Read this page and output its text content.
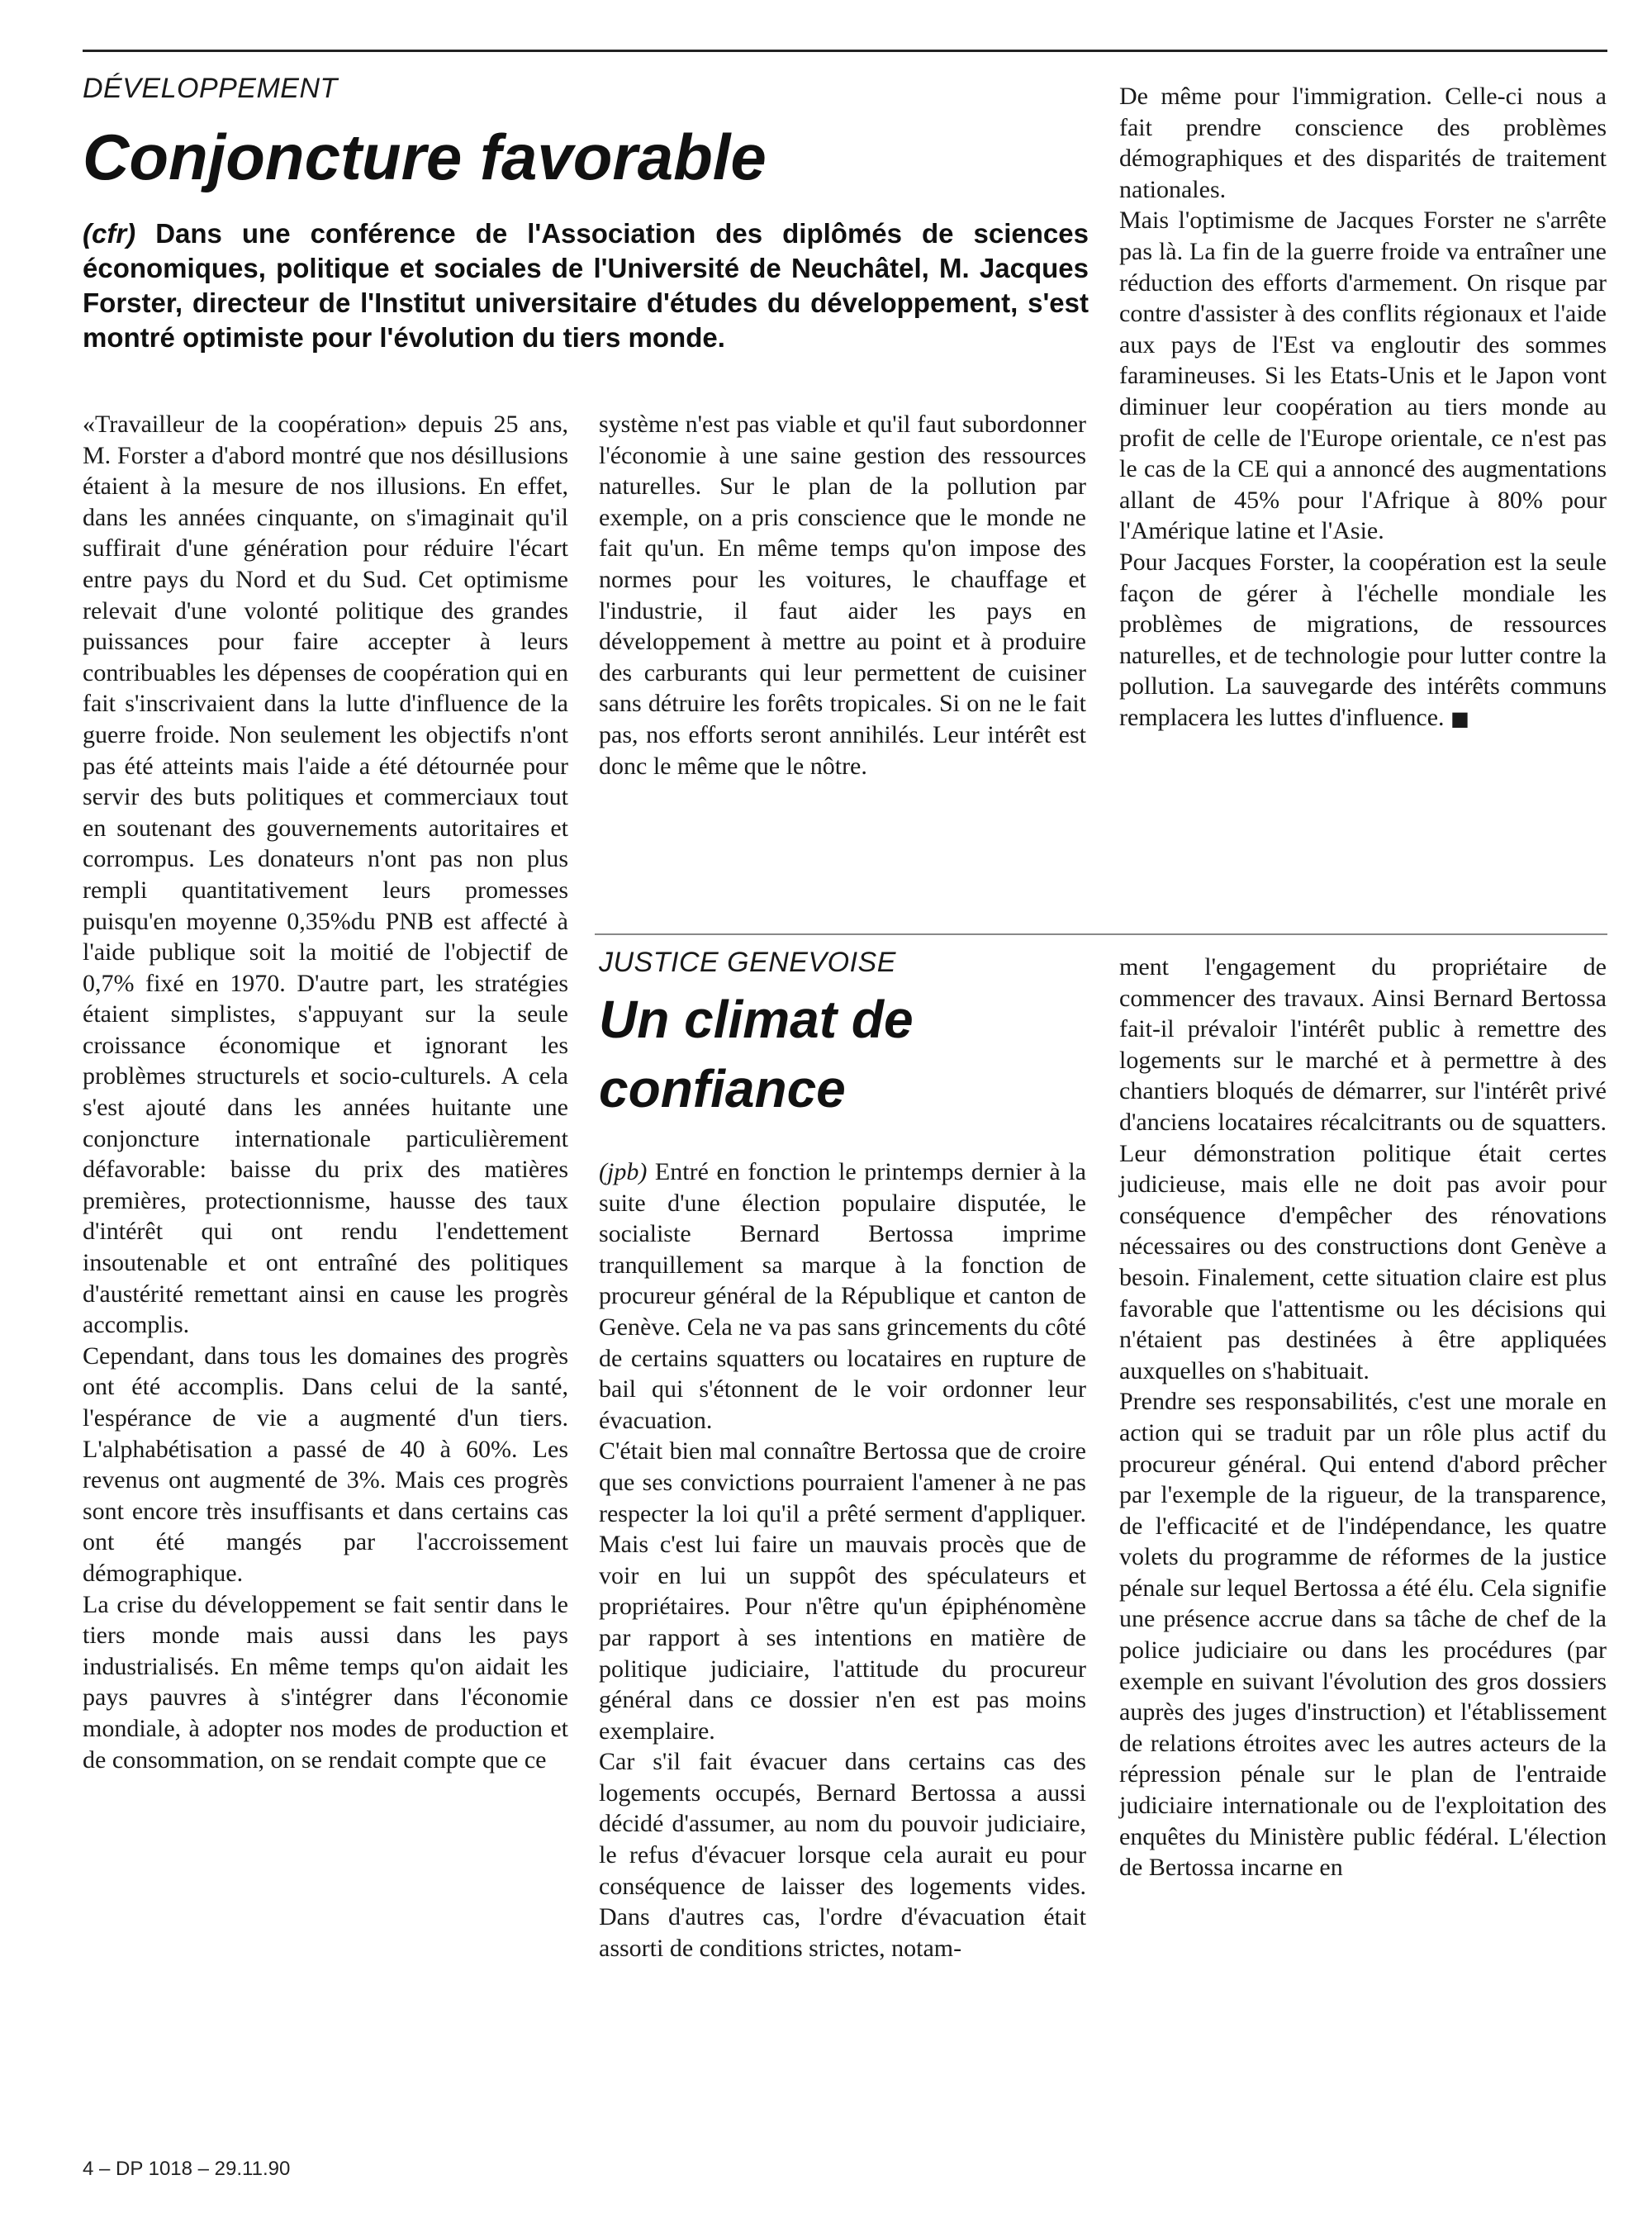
DÉVELOPPEMENT
Conjoncture favorable
(cfr) Dans une conférence de l'Association des diplômés de sciences économiques, politique et sociales de l'Université de Neuchâtel, M. Jacques Forster, directeur de l'Institut universitaire d'études du développement, s'est montré optimiste pour l'évolution du tiers monde.

«Travailleur de la coopération» depuis 25 ans, M. Forster a d'abord montré que nos désillusions étaient à la mesure de nos illusions. En effet, dans les années cinquante, on s'imaginait qu'il suffirait d'une génération pour réduire l'écart entre pays du Nord et du Sud. Cet optimisme relevait d'une volonté politique des grandes puissances pour faire accepter à leurs contribuables les dépenses de coopération qui en fait s'inscrivaient dans la lutte d'influence de la guerre froide. Non seulement les objectifs n'ont pas été atteints mais l'aide a été détournée pour servir des buts politiques et commerciaux tout en soutenant des gouvernements autoritaires et corrompus. Les donateurs n'ont pas non plus rempli quantitativement leurs promesses puisqu'en moyenne 0,35%du PNB est affecté à l'aide publique soit la moitié de l'objectif de 0,7% fixé en 1970. D'autre part, les stratégies étaient simplistes, s'appuyant sur la seule croissance économique et ignorant les problèmes structurels et socio-culturels. A cela s'est ajouté dans les années huitante une conjoncture internationale particulièrement défavorable: baisse du prix des matières premières, protectionnisme, hausse des taux d'intérêt qui ont rendu l'endettement insoutenable et ont entraîné des politiques d'austérité remettant ainsi en cause les progrès accomplis.

Cependant, dans tous les domaines des progrès ont été accomplis. Dans celui de la santé, l'espérance de vie a augmenté d'un tiers. L'alphabétisation a passé de 40 à 60%. Les revenus ont augmenté de 3%. Mais ces progrès sont encore très insuffisants et dans certains cas ont été mangés par l'accroissement démographique.

La crise du développement se fait sentir dans le tiers monde mais aussi dans les pays industrialisés. En même temps qu'on aidait les pays pauvres à s'intégrer dans l'économie mondiale, à adopter nos modes de production et de consommation, on se rendait compte que ce

système n'est pas viable et qu'il faut subordonner l'économie à une saine gestion des ressources naturelles. Sur le plan de la pollution par exemple, on a pris conscience que le monde ne fait qu'un. En même temps qu'on impose des normes pour les voitures, le chauffage et l'industrie, il faut aider les pays en développement à mettre au point et à produire des carburants qui leur permettent de cuisiner sans détruire les forêts tropicales. Si on ne le fait pas, nos efforts seront annihilés. Leur intérêt est donc le même que le nôtre.

De même pour l'immigration. Celle-ci nous a fait prendre conscience des problèmes démographiques et des disparités de traitement nationales.

Mais l'optimisme de Jacques Forster ne s'arrête pas là. La fin de la guerre froide va entraîner une réduction des efforts d'armement. On risque par contre d'assister à des conflits régionaux et l'aide aux pays de l'Est va engloutir des sommes faramineuses. Si les Etats-Unis et le Japon vont diminuer leur coopération au tiers monde au profit de celle de l'Europe orientale, ce n'est pas le cas de la CE qui a annoncé des augmentations allant de 45% pour l'Afrique à 80% pour l'Amérique latine et l'Asie.

Pour Jacques Forster, la coopération est la seule façon de gérer à l'échelle mondiale les problèmes de migrations, de ressources naturelles, et de technologie pour lutter contre la pollution. La sauvegarde des intérêts communs remplacera les luttes d'influence. ■

JUSTICE GENEVOISE
Un climat de
confiance

(jpb) Entré en fonction le printemps dernier à la suite d'une élection populaire disputée, le socialiste Bernard Bertossa imprime tranquillement sa marque à la fonction de procureur général de la République et canton de Genève. Cela ne va pas sans grincements du côté de certains squatters ou locataires en rupture de bail qui s'étonnent de le voir ordonner leur évacuation.

C'était bien mal connaître Bertossa que de croire que ses convictions pourraient l'amener à ne pas respecter la loi qu'il a prêté serment d'appliquer. Mais c'est lui faire un mauvais procès que de voir en lui un suppôt des spéculateurs et propriétaires. Pour n'être qu'un épiphénomène par rapport à ses intentions en matière de politique judiciaire, l'attitude du procureur général dans ce dossier n'en est pas moins exemplaire.

Car s'il fait évacuer dans certains cas des logements occupés, Bernard Bertossa a aussi décidé d'assumer, au nom du pouvoir judiciaire, le refus d'évacuer lorsque cela aurait eu pour conséquence de laisser des logements vides. Dans d'autres cas, l'ordre d'évacuation était assorti de conditions strictes, notam-

ment l'engagement du propriétaire de commencer des travaux. Ainsi Bernard Bertossa fait-il prévaloir l'intérêt public à remettre des logements sur le marché et à permettre à des chantiers bloqués de démarrer, sur l'intérêt privé d'anciens locataires récalcitrants ou de squatters. Leur démonstration politique était certes judicieuse, mais elle ne doit pas avoir pour conséquence d'empêcher des rénovations nécessaires ou des constructions dont Genève a besoin. Finalement, cette situation claire est plus favorable que l'attentisme ou les décisions qui n'étaient pas destinées à être appliquées auxquelles on s'habituait.

Prendre ses responsabilités, c'est une morale en action qui se traduit par un rôle plus actif du procureur général. Qui entend d'abord prêcher par l'exemple de la rigueur, de la transparence, de l'efficacité et de l'indépendance, les quatre volets du programme de réformes de la justice pénale sur lequel Bertossa a été élu. Cela signifie une présence accrue dans sa tâche de chef de la police judiciaire ou dans les procédures (par exemple en suivant l'évolution des gros dossiers auprès des juges d'instruction) et l'établissement de relations étroites avec les autres acteurs de la répression pénale sur le plan de l'entraide judiciaire internationale ou de l'exploitation des enquêtes du Ministère public fédéral. L'élection de Bertossa incarne en

4 – DP 1018 – 29.11.90
